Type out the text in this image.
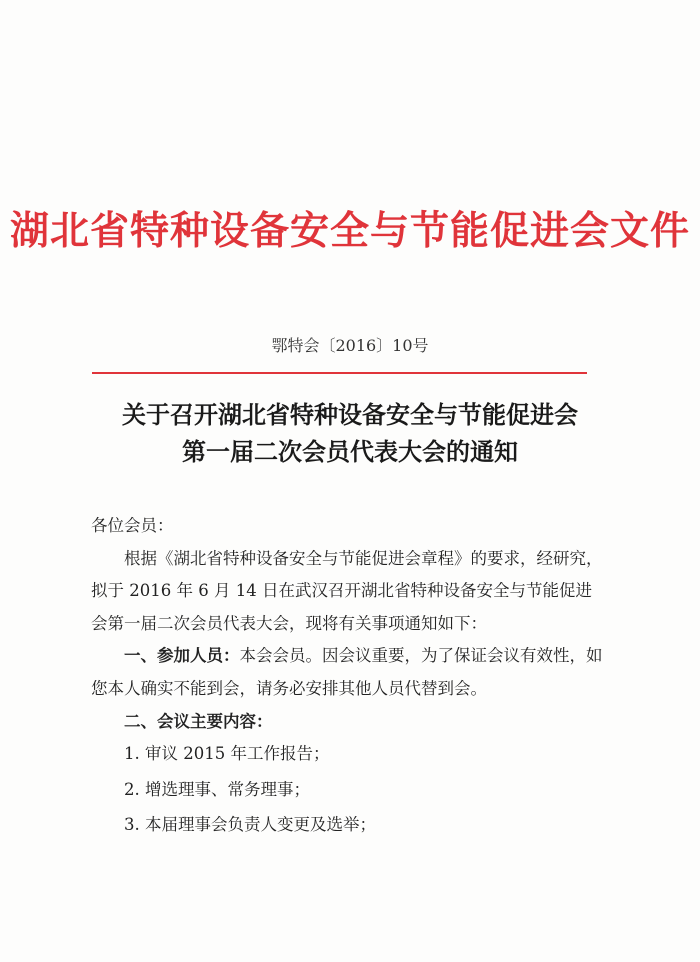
湖北省特种设备安全与节能促进会文件
鄂特会〔2016〕10号
关于召开湖北省特种设备安全与节能促进会
第一届二次会员代表大会的通知

各位会员：

根据《湖北省特种设备安全与节能促进会章程》的要求，经研究，拟于 2016 年 6 月 14 日在武汉召开湖北省特种设备安全与节能促进会第一届二次会员代表大会，现将有关事项通知如下：

一、参加人员：本会会员。因会议重要，为了保证会议有效性，如您本人确实不能到会，请务必安排其他人员代替到会。

二、会议主要内容：

1. 审议 2015 年工作报告；

2. 增选理事、常务理事；

3. 本届理事会负责人变更及选举；
